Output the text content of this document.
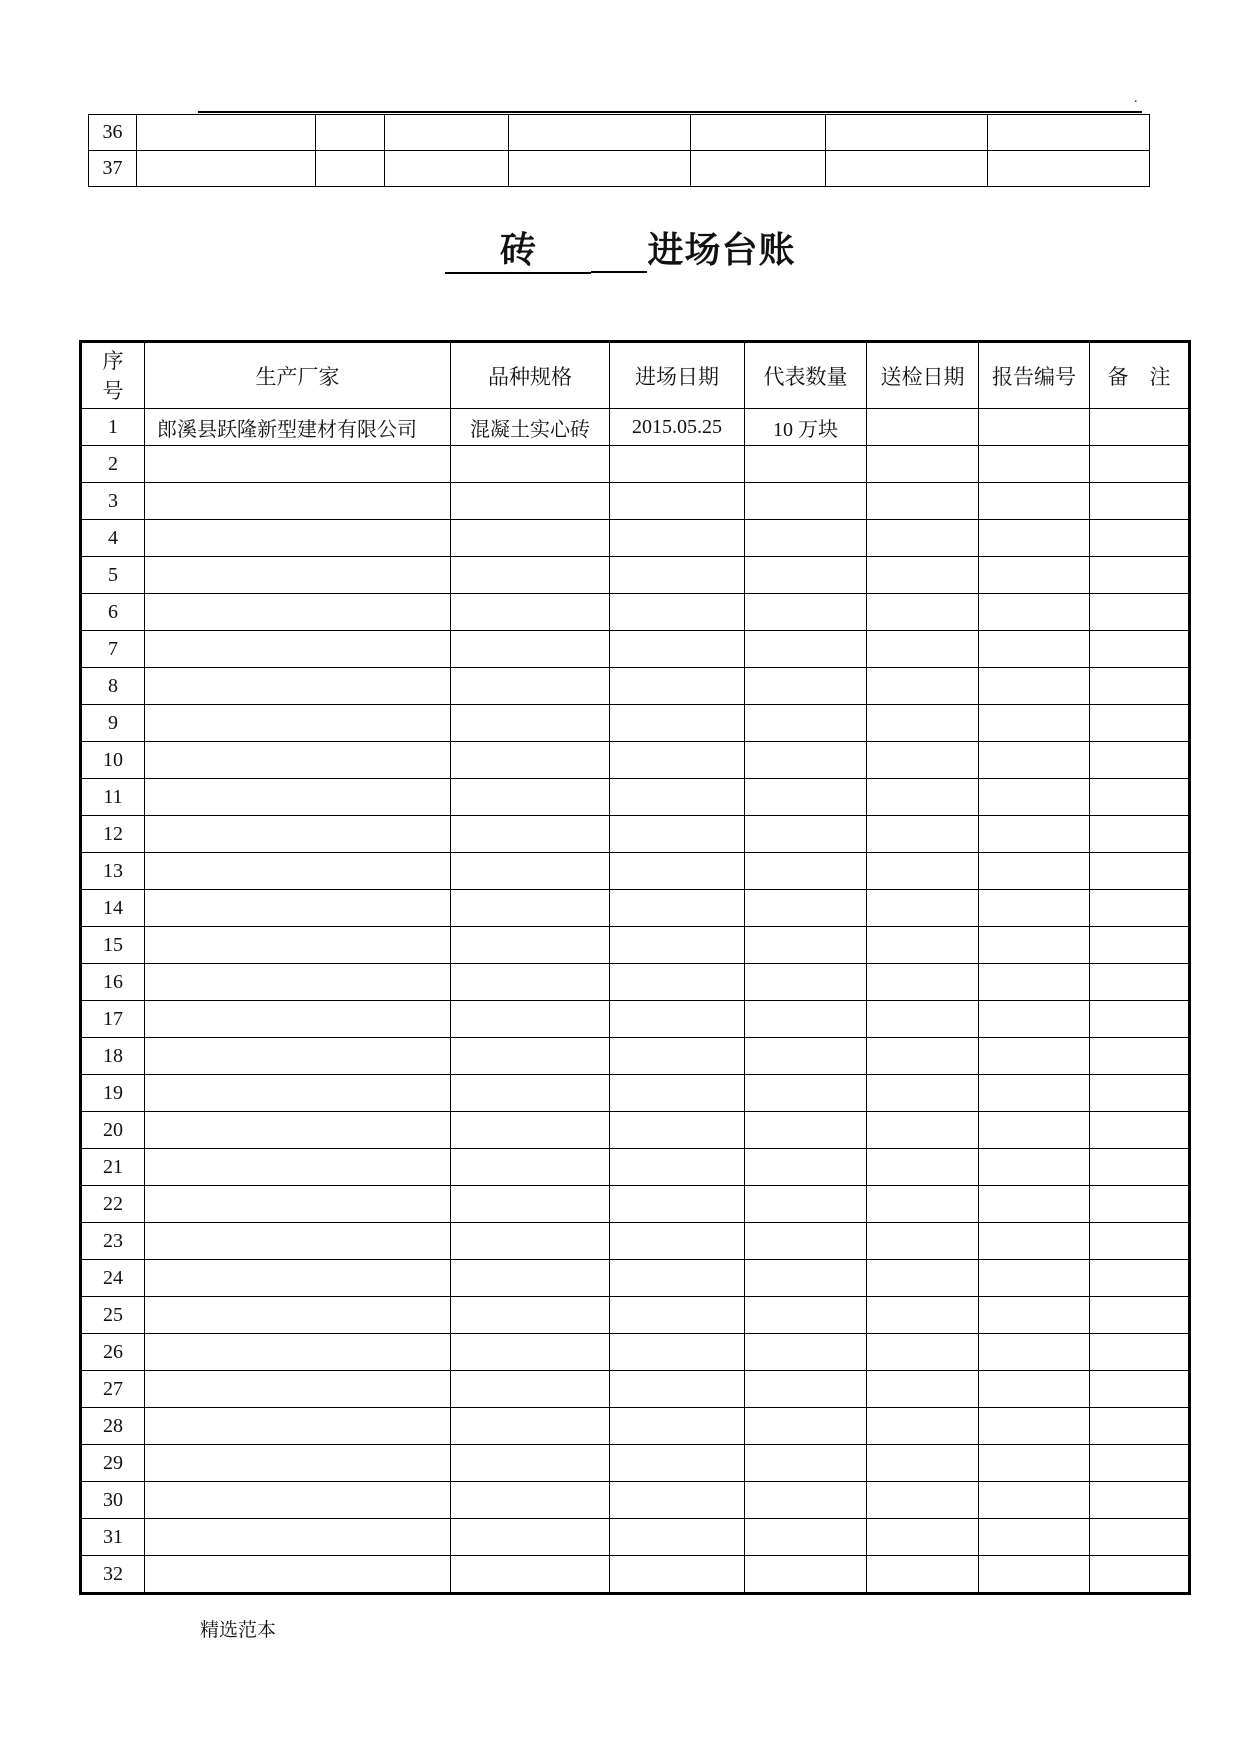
.
36							
37							
砖	进场台账
序
号	生产厂家	品种规格	进场日期	代表数量	送检日期	报告编号	备　注
1	郎溪县跃隆新型建材有限公司	混凝土实心砖	2015.05.25	10 万块			
2							
3							
4							
5							
6							
7							
8							
9							
10							
11							
12							
13							
14							
15							
16							
17							
18							
19							
20							
21							
22							
23							
24							
25							
26							
27							
28							
29							
30							
31							
32							
精选范本
